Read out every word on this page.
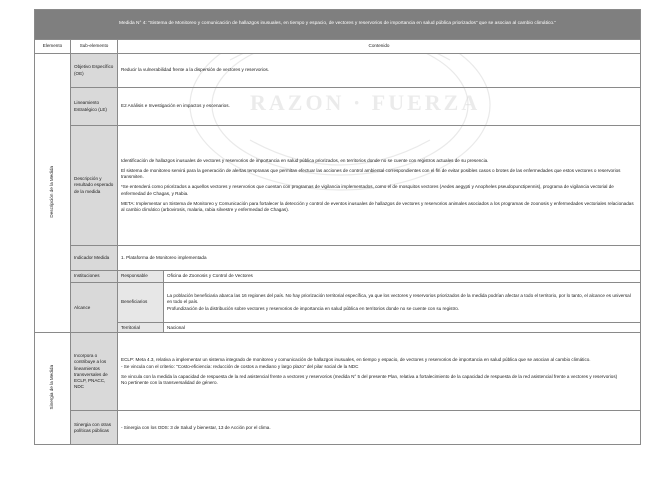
RAZON · FUERZA
Medida N° 4: "Sistema de Monitoreo y comunicación de hallazgos inusuales, en tiempo y espacio, de vectores y reservorios de importancia en salud pública priorizados" que se asocian al cambio climático."			
Elemento	Sub-elemento	Contenido	
Descripción de la Medida	Objetivo Específico (OE)	Reducir la vulnerabilidad frente a la dispersión de vectores y reservorios.	
	Lineamiento Estratégico (LE)	E2 Análisis e Investigación en impactos y escenarios.	
	Descripción y resultado esperado de la medida	Identificación de hallazgos inusuales de vectores y reservorios de importancia en salud pública priorizados, en territorios donde no se cuente con registros actuales de su presencia.

El sistema de monitoreo servirá para la generación de alertas tempranas que permitan efectuar las acciones de control ambiental correspondientes con el fin de evitar posibles casos o brotes de las enfermedades que estos vectores o reservorios transmiten.

*Se entenderá como priorizados a aquellos vectores y reservorios que cuentan con programas de vigilancia implementados, como el de mosquitos vectores (Aedes aegypti y Anopheles pseudopunctipennis), programa de vigilancia vectorial de enfermedad de Chagas, y Rabia.

META: Implementar un Sistema de Monitoreo y Comunicación para fortalecer la detección y control de eventos inusuales de hallazgos de vectores y reservorios animales asociados a los programas de zoonosis y enfermedades vectoriales relacionadas al cambio climático (arbovirosis, malaria, rabia silvestre y enfermedad de Chagas).	

	Indicador Medida	1. Plataforma de Monitoreo implementada	
	Instituciones	Responsable	Oficina de Zoonosis y Control de Vectores
	Alcance	Beneficiarios	La población beneficiaria abarca las 16 regiones del país. No hay priorización territorial específica, ya que los vectores y reservorios priorizados de la medida podrían afectar a todo el territorio, por lo tanto, el alcance es universal en todo el país.

Profundización de la distribución sobre vectores y reservorios de importancia en salud pública en territorios donde no se cuente con su registro.

		Territorial	Nacional
Sinergia de la Medida	Incorpora o contribuye a los lineamientos transversales de ECLP, PNACC, NDC	ECLP: Meta 4.3, relativa a implementar un sistema integrado de monitoreo y comunicación de hallazgos inusuales, en tiempo y espacio, de vectores y reservorios de importancia en salud pública que se asocian al cambio climático.

- Se vincula con el criterio: "Costo-eficiencia: reducción de costos a mediano y largo plazo" del pilar social de la NDC

Se vincula con la medida la capacidad de respuesta de la red asistencial frente a vectores y reservorios (medida N° 5 del presente Plan, relativa a fortalecimiento de la capacidad de respuesta de la red asistencial frente a vectores y reservorios)

No pertinente con la transversalidad de género.	

	Sinergia con otras políticas públicas	- Sinergia con los ODS: 3 de Salud y bienestar, 13 de Acción por el clima.	
